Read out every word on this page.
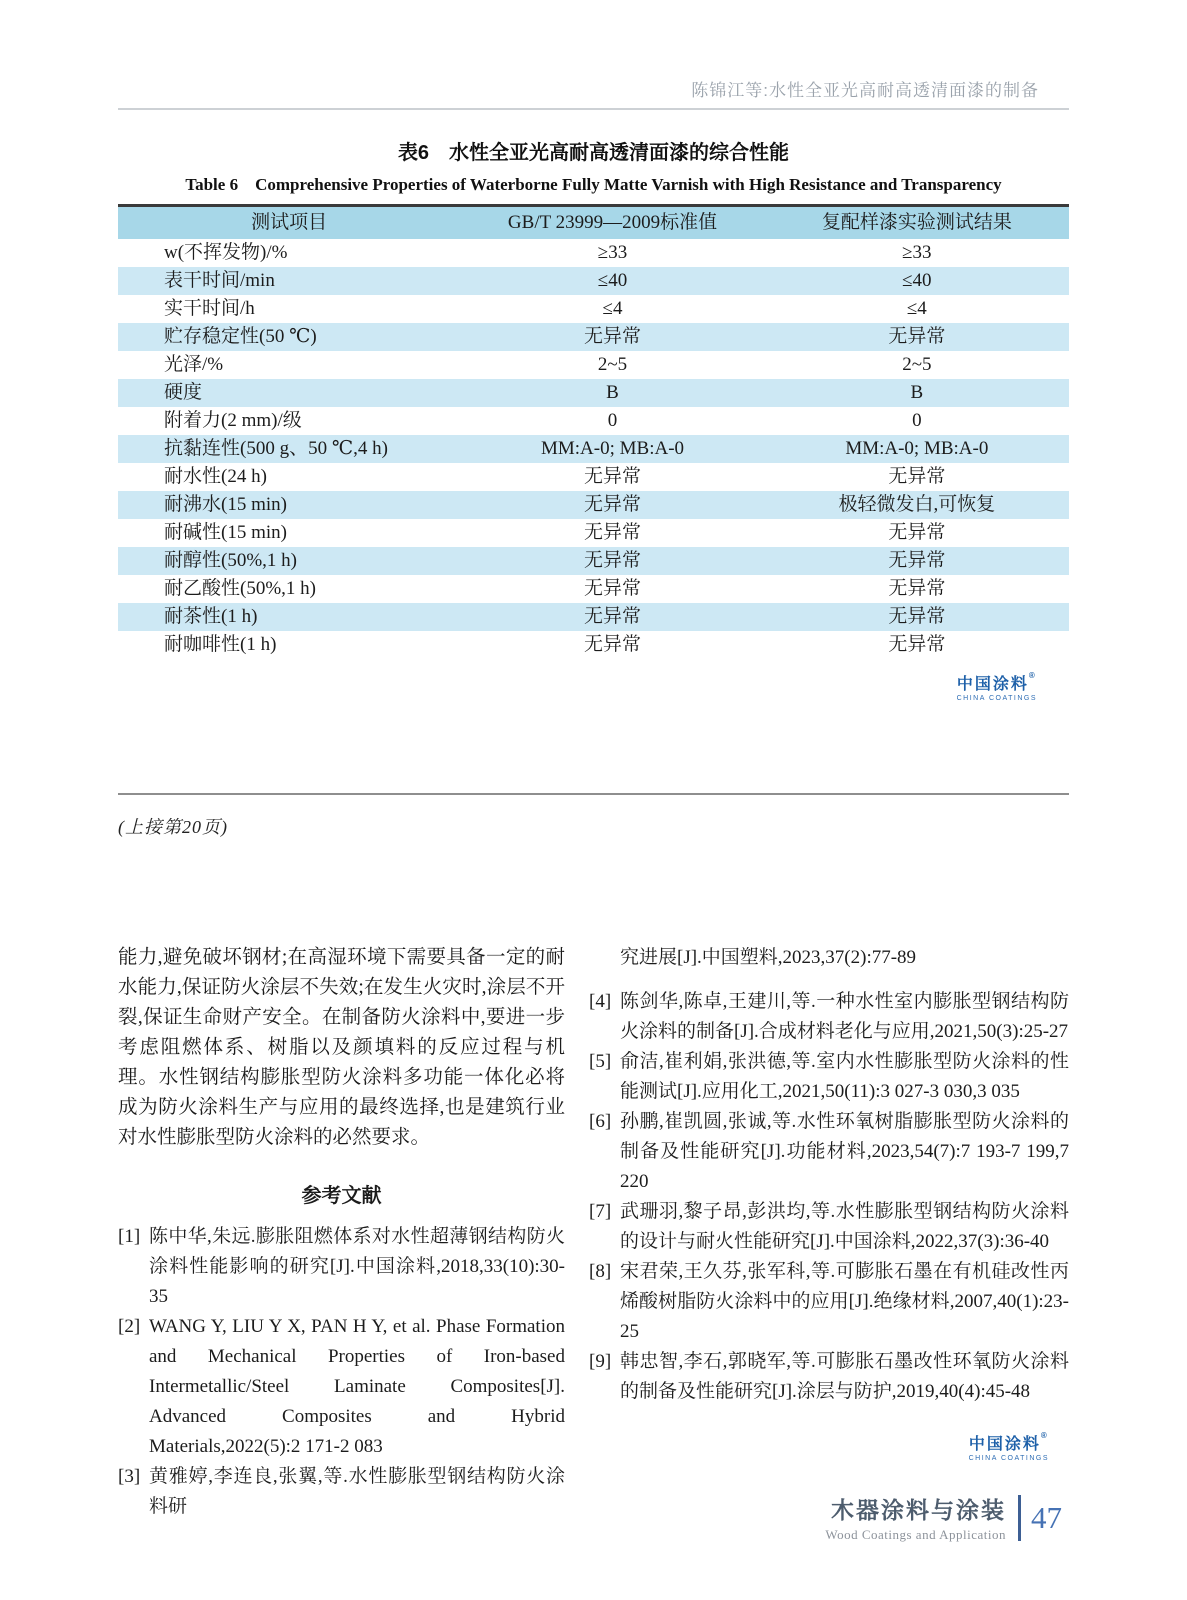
陈锦江等:水性全亚光高耐高透清面漆的制备
表6　水性全亚光高耐高透清面漆的综合性能
Table 6　Comprehensive Properties of Waterborne Fully Matte Varnish with High Resistance and Transparency
测试项目	GB/T 23999—2009标准值	复配样漆实验测试结果
w(不挥发物)/%	≥33	≥33
表干时间/min	≤40	≤40
实干时间/h	≤4	≤4
贮存稳定性(50 ℃)	无异常	无异常
光泽/%	2~5	2~5
硬度	B	B
附着力(2 mm)/级	0	0
抗黏连性(500 g、50 ℃,4 h)	MM:A-0; MB:A-0	MM:A-0; MB:A-0
耐水性(24 h)	无异常	无异常
耐沸水(15 min)	无异常	极轻微发白,可恢复
耐碱性(15 min)	无异常	无异常
耐醇性(50%,1 h)	无异常	无异常
耐乙酸性(50%,1 h)	无异常	无异常
耐茶性(1 h)	无异常	无异常
耐咖啡性(1 h)	无异常	无异常
中国涂料®
CHINA COATINGS
(上接第20页)

能力,避免破坏钢材;在高湿环境下需要具备一定的耐水能力,保证防火涂层不失效;在发生火灾时,涂层不开裂,保证生命财产安全。在制备防火涂料中,要进一步考虑阻燃体系、树脂以及颜填料的反应过程与机理。水性钢结构膨胀型防火涂料多功能一体化必将成为防火涂料生产与应用的最终选择,也是建筑行业对水性膨胀型防火涂料的必然要求。

参考文献
[1] 陈中华,朱远.膨胀阻燃体系对水性超薄钢结构防火涂料性能影响的研究[J].中国涂料,2018,33(10):30-35
[2] WANG Y, LIU Y X, PAN H Y, et al. Phase Formation and Mechanical Properties of Iron-based Intermetallic/Steel Laminate Composites[J]. Advanced Composites and Hybrid Materials,2022(5):2 171-2 083
[3] 黄雅婷,李连良,张翼,等.水性膨胀型钢结构防火涂料研
究进展[J].中国塑料,2023,37(2):77-89
[4] 陈剑华,陈卓,王建川,等.一种水性室内膨胀型钢结构防火涂料的制备[J].合成材料老化与应用,2021,50(3):25-27
[5] 俞洁,崔利娟,张洪德,等.室内水性膨胀型防火涂料的性能测试[J].应用化工,2021,50(11):3 027-3 030,3 035
[6] 孙鹏,崔凯圆,张诚,等.水性环氧树脂膨胀型防火涂料的制备及性能研究[J].功能材料,2023,54(7):7 193-7 199,7 220
[7] 武珊羽,黎子昂,彭洪均,等.水性膨胀型钢结构防火涂料的设计与耐火性能研究[J].中国涂料,2022,37(3):36-40
[8] 宋君荣,王久芬,张军科,等.可膨胀石墨在有机硅改性丙烯酸树脂防火涂料中的应用[J].绝缘材料,2007,40(1):23-25
[9] 韩忠智,李石,郭晓军,等.可膨胀石墨改性环氧防火涂料的制备及性能研究[J].涂层与防护,2019,40(4):45-48
中国涂料®
CHINA COATINGS
木器涂料与涂装
Wood Coatings and Application 47
